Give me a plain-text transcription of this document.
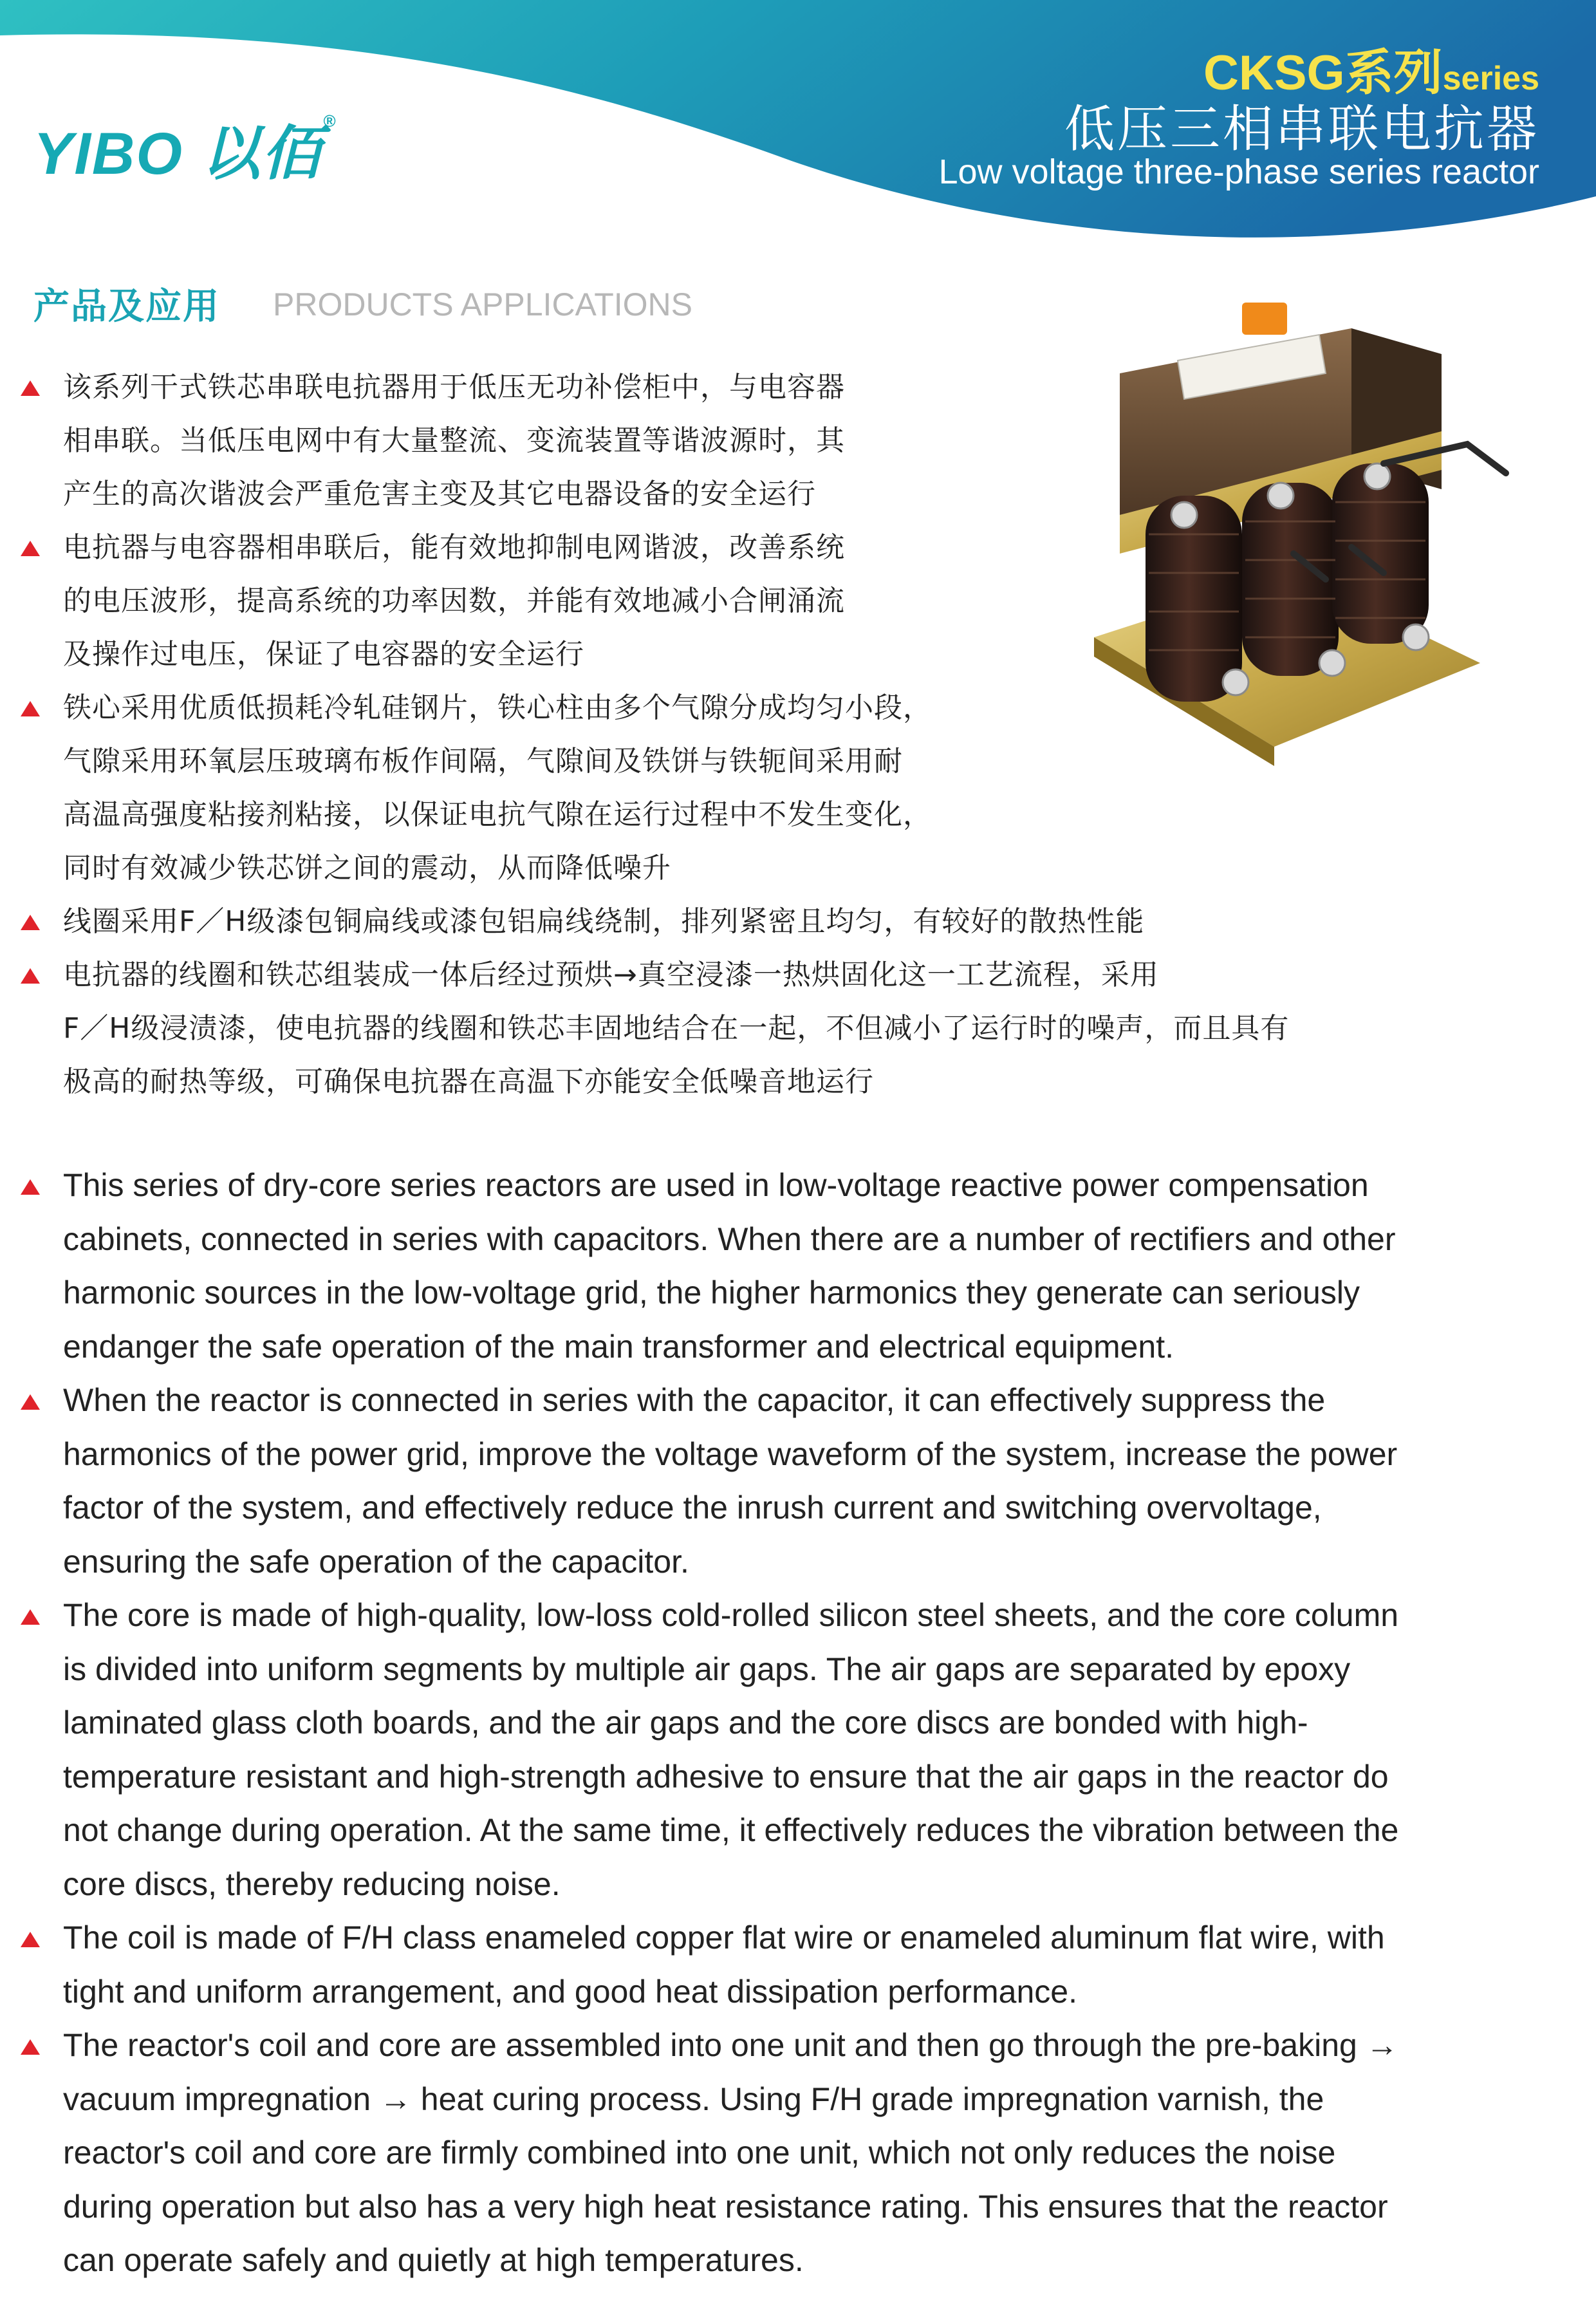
YIBO 以佰®
CKSG系列series
低压三相串联电抗器
Low voltage three-phase series reactor
产品及应用 PRODUCTS APPLICATIONS
该系列干式铁芯串联电抗器用于低压无功补偿柜中，与电容器
相串联。当低压电网中有大量整流、变流装置等谐波源时，其
产生的高次谐波会严重危害主变及其它电器设备的安全运行
电抗器与电容器相串联后，能有效地抑制电网谐波，改善系统
的电压波形，提高系统的功率因数，并能有效地减小合闸涌流
及操作过电压，保证了电容器的安全运行
铁心采用优质低损耗冷轧硅钢片，铁心柱由多个气隙分成均匀小段，
气隙采用环氧层压玻璃布板作间隔，气隙间及铁饼与铁轭间采用耐
高温高强度粘接剂粘接，以保证电抗气隙在运行过程中不发生变化，
同时有效减少铁芯饼之间的震动，从而降低噪升
线圈采用F／H级漆包铜扁线或漆包铝扁线绕制，排列紧密且均匀，有较好的散热性能
电抗器的线圈和铁芯组装成一体后经过预烘→真空浸漆一热烘固化这一工艺流程，采用
F／H级浸渍漆，使电抗器的线圈和铁芯丰固地结合在一起，不但减小了运行时的噪声，而且具有
极高的耐热等级，可确保电抗器在高温下亦能安全低噪音地运行
This series of dry-core series reactors are used in low-voltage reactive power compensation
cabinets, connected in series with capacitors. When there are a number of rectifiers and other
harmonic sources in the low-voltage grid, the higher harmonics they generate can seriously
endanger the safe operation of the main transformer and electrical equipment.
When the reactor is connected in series with the capacitor, it can effectively suppress the
harmonics of the power grid, improve the voltage waveform of the system, increase the power
factor of the system, and effectively reduce the inrush current and switching overvoltage,
ensuring the safe operation of the capacitor.
The core is made of high-quality, low-loss cold-rolled silicon steel sheets, and the core column
is divided into uniform segments by multiple air gaps. The air gaps are separated by epoxy
laminated glass cloth boards, and the air gaps and the core discs are bonded with high-
temperature resistant and high-strength adhesive to ensure that the air gaps in the reactor do
not change during operation. At the same time, it effectively reduces the vibration between the
core discs, thereby reducing noise.
The coil is made of F/H class enameled copper flat wire or enameled aluminum flat wire, with
tight and uniform arrangement, and good heat dissipation performance.
The reactor's coil and core are assembled into one unit and then go through the pre-baking →
vacuum impregnation → heat curing process. Using F/H grade impregnation varnish, the
reactor's coil and core are firmly combined into one unit, which not only reduces the noise
during operation but also has a very high heat resistance rating. This ensures that the reactor
can operate safely and quietly at high temperatures.
